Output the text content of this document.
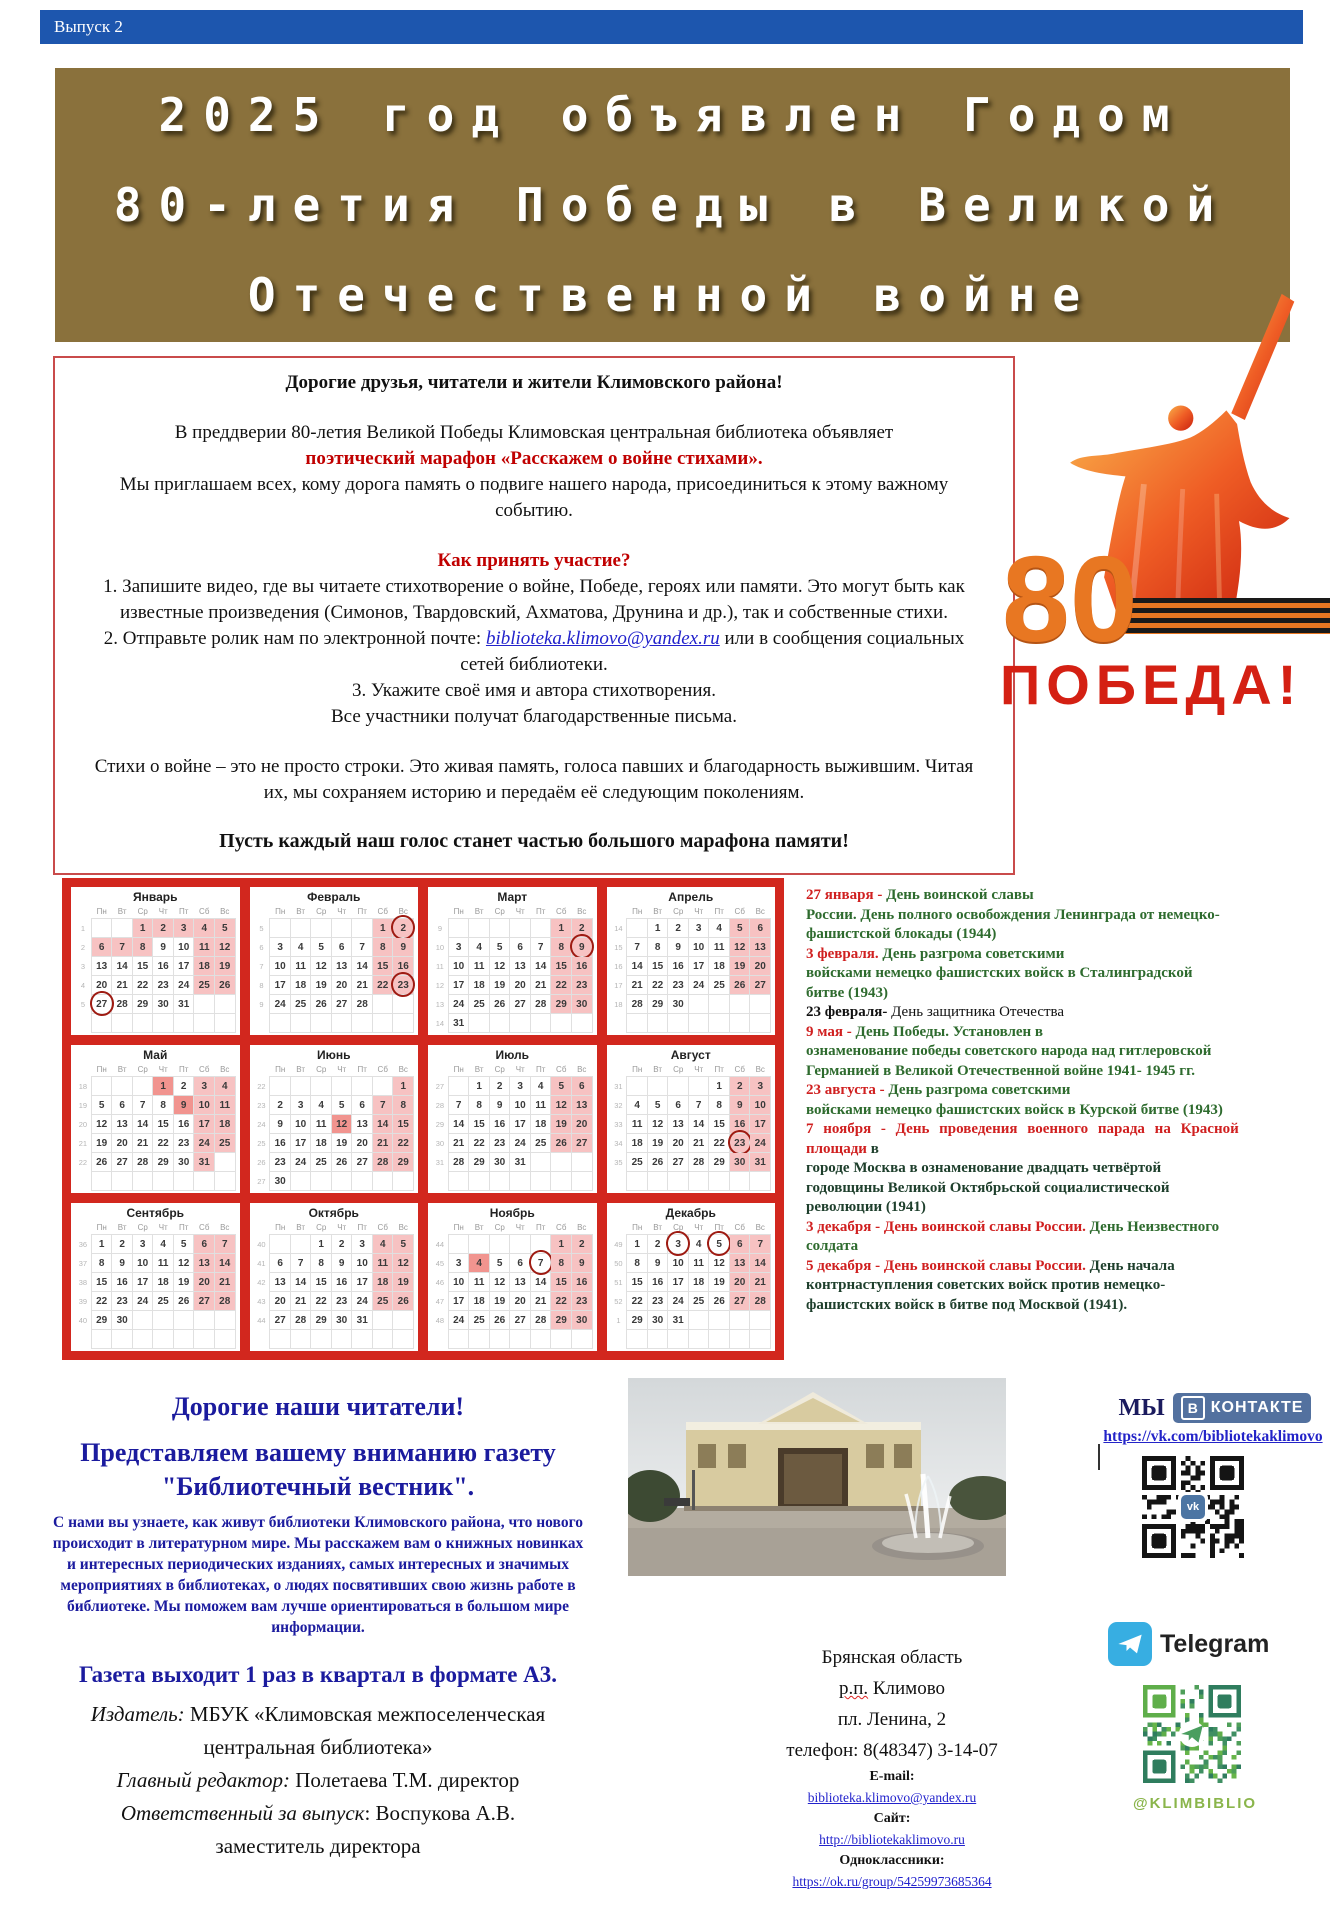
Выпуск 2
2025 год объявлен Годом
80-летия Победы в Великой
Отечественной войне
Дорогие друзья, читатели и жители Климовского района!
В преддверии 80-летия Великой Победы Климовская центральная библиотека объявляет
поэтический марафон «Расскажем о войне стихами».
Мы приглашаем всех, кому дорога память о подвиге нашего народа, присоединиться к этому важному событию.
Как принять участие?
1. Запишите видео, где вы читаете стихотворение о войне, Победе, героях или памяти. Это могут быть как известные произведения (Симонов, Твардовский, Ахматова, Друнина и др.), так и собственные стихи.
2. Отправьте ролик нам по электронной почте: biblioteka.klimovo@yandex.ru или в сообщения социальных сетей библиотеки.
3. Укажите своё имя и автора стихотворения.
Все участники получат благодарственные письма.
Стихи о войне – это не просто строки. Это живая память, голоса павших и благодарность выжившим. Читая их, мы сохраняем историю и передаём её следующим поколениям.
Пусть каждый наш голос станет частью большого марафона памяти!
80
ПОБЕДА!
Январь
	Пн	Вт	Ср	Чт	Пт	Сб	Вс
1			1	2	3	4	5
2	6	7	8	9	10	11	12
3	13	14	15	16	17	18	19
4	20	21	22	23	24	25	26
5	27	28	29	30	31		

Февраль
	Пн	Вт	Ср	Чт	Пт	Сб	Вс
5						1	2
6	3	4	5	6	7	8	9
7	10	11	12	13	14	15	16
8	17	18	19	20	21	22	23
9	24	25	26	27	28		

Март
	Пн	Вт	Ср	Чт	Пт	Сб	Вс
9						1	2
10	3	4	5	6	7	8	9
11	10	11	12	13	14	15	16
12	17	18	19	20	21	22	23
13	24	25	26	27	28	29	30
14	31						
Апрель
	Пн	Вт	Ср	Чт	Пт	Сб	Вс
14		1	2	3	4	5	6
15	7	8	9	10	11	12	13
16	14	15	16	17	18	19	20
17	21	22	23	24	25	26	27
18	28	29	30				

Май
	Пн	Вт	Ср	Чт	Пт	Сб	Вс
18				1	2	3	4
19	5	6	7	8	9	10	11
20	12	13	14	15	16	17	18
21	19	20	21	22	23	24	25
22	26	27	28	29	30	31	

Июнь
	Пн	Вт	Ср	Чт	Пт	Сб	Вс
22							1
23	2	3	4	5	6	7	8
24	9	10	11	12	13	14	15
25	16	17	18	19	20	21	22
26	23	24	25	26	27	28	29
27	30						
Июль
	Пн	Вт	Ср	Чт	Пт	Сб	Вс
27		1	2	3	4	5	6
28	7	8	9	10	11	12	13
29	14	15	16	17	18	19	20
30	21	22	23	24	25	26	27
31	28	29	30	31			

Август
	Пн	Вт	Ср	Чт	Пт	Сб	Вс
31					1	2	3
32	4	5	6	7	8	9	10
33	11	12	13	14	15	16	17
34	18	19	20	21	22	23	24
35	25	26	27	28	29	30	31

Сентябрь
	Пн	Вт	Ср	Чт	Пт	Сб	Вс
36	1	2	3	4	5	6	7
37	8	9	10	11	12	13	14
38	15	16	17	18	19	20	21
39	22	23	24	25	26	27	28
40	29	30					

Октябрь
	Пн	Вт	Ср	Чт	Пт	Сб	Вс
40			1	2	3	4	5
41	6	7	8	9	10	11	12
42	13	14	15	16	17	18	19
43	20	21	22	23	24	25	26
44	27	28	29	30	31		

Ноябрь
	Пн	Вт	Ср	Чт	Пт	Сб	Вс
44						1	2
45	3	4	5	6	7	8	9
46	10	11	12	13	14	15	16
47	17	18	19	20	21	22	23
48	24	25	26	27	28	29	30

Декабрь
	Пн	Вт	Ср	Чт	Пт	Сб	Вс
49	1	2	3	4	5	6	7
50	8	9	10	11	12	13	14
51	15	16	17	18	19	20	21
52	22	23	24	25	26	27	28
1	29	30	31				

27 января - День воинской славы
России. День полного освобождения Ленинграда от немецко-
фашистской блокады (1944)
3 февраля. День разгрома советскими
войсками немецко фашистских войск в Сталинградской
битве (1943)
23 февраля- День защитника Отечества
9 мая - День Победы. Установлен в
ознаменование победы советского народа над гитлеровской
Германией в Великой Отечественной войне 1941- 1945 гг.
23 августа - День разгрома советскими
войсками немецко фашистских войск в Курской битве (1943)
7 ноября - День проведения военного парада на Красной
площади в
городе Москва в ознаменование двадцать четвёртой
годовщины Великой Октябрьской социалистической
революции (1941)
3 декабря - День воинской славы России. День Неизвестного
солдата
5 декабря - День воинской славы России. День начала
контрнаступления советских войск против немецко-
фашистских войск в битве под Москвой (1941).
Дорогие наши читатели!
Представляем вашему вниманию газету "Библиотечный вестник".
С нами вы узнаете, как живут библиотеки Климовского района, что нового происходит в литературном мире. Мы расскажем вам о книжных новинках и интересных периодических изданиях, самых интересных и значимых мероприятиях в библиотеках, о людях посвятивших свою жизнь работе в библиотеке. Мы поможем вам лучше ориентироваться в большом мире информации.
Газета выходит 1 раз в квартал в формате А3.
Издатель: МБУК «Климовская межпоселенческая центральная библиотека»
Главный редактор: Полетаева Т.М. директор
Ответственный за выпуск: Воспукова А.В. заместитель директора
Брянская область
р.п. Климово
пл. Ленина, 2
телефон: 8(48347) 3-14-07
E-mail:
biblioteka.klimovo@yandex.ru
Сайт:
http://bibliotekaklimovo.ru
Одноклассники:
https://ok.ru/group/54259973685364
МЫ	В КОНТАКТЕ
https://vk.com/bibliotekaklimovo
vk
Telegram
@KLIMBIBLIO
